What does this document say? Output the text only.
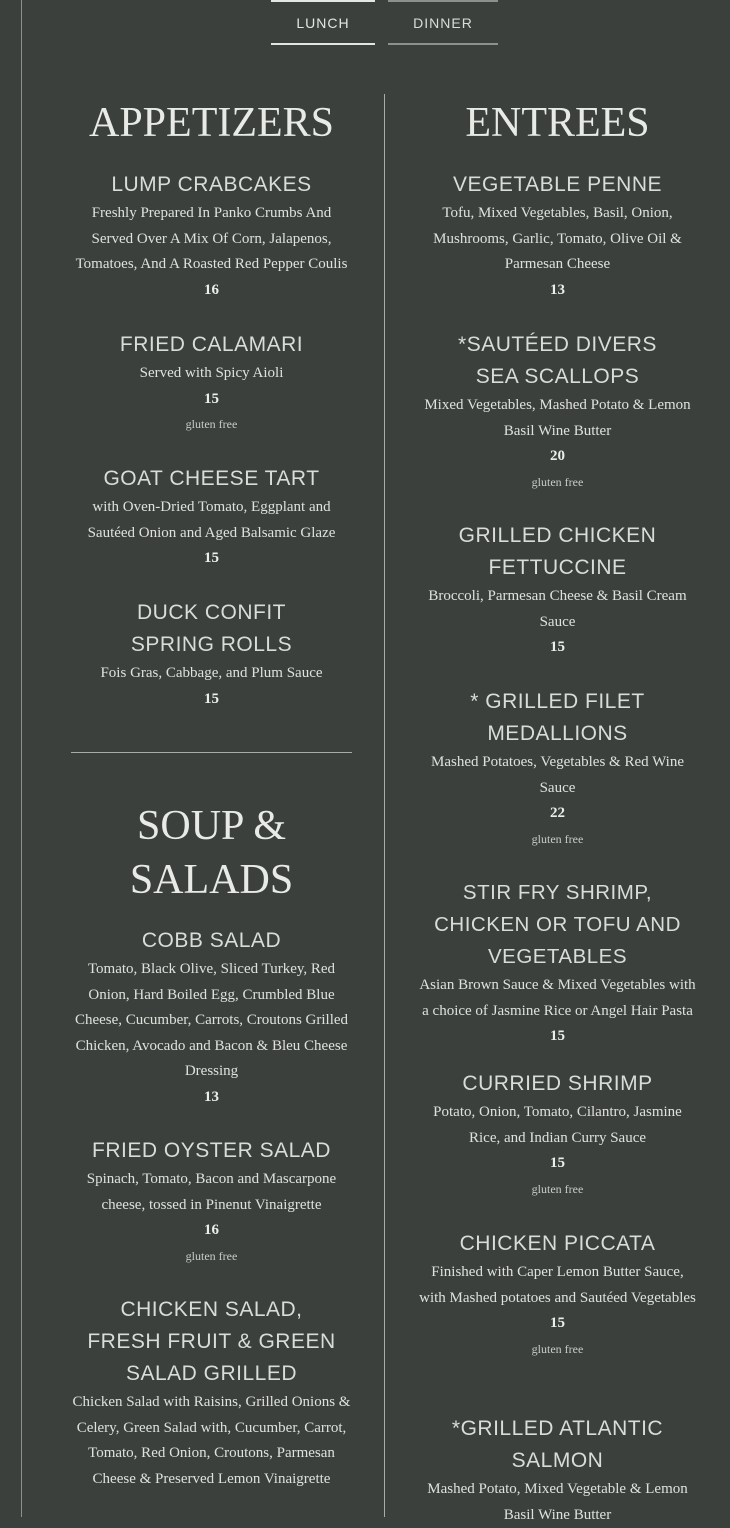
LUNCH	DINNER
APPETIZERS

LUMP CRABCAKES

Freshly Prepared In Panko Crumbs And Served Over A Mix Of Corn, Jalapenos, Tomatoes, And A Roasted Red Pepper Coulis

16

FRIED CALAMARI

Served with Spicy Aioli

15

gluten free

GOAT CHEESE TART

with Oven-Dried Tomato, Eggplant and Sautéed Onion and Aged Balsamic Glaze

15

DUCK CONFIT SPRING ROLLS

Fois Gras, Cabbage, and Plum Sauce

15

SOUP & SALADS

COBB SALAD

Tomato, Black Olive, Sliced Turkey, Red Onion, Hard Boiled Egg, Crumbled Blue Cheese, Cucumber, Carrots, Croutons Grilled Chicken, Avocado and Bacon & Bleu Cheese Dressing

13

FRIED OYSTER SALAD

Spinach, Tomato, Bacon and Mascarpone cheese, tossed in Pinenut Vinaigrette

16

gluten free

CHICKEN SALAD, FRESH FRUIT & GREEN SALAD GRILLED

Chicken Salad with Raisins, Grilled Onions & Celery, Green Salad with, Cucumber, Carrot, Tomato, Red Onion, Croutons, Parmesan Cheese & Preserved Lemon Vinaigrette

ENTREES

VEGETABLE PENNE

Tofu, Mixed Vegetables, Basil, Onion, Mushrooms, Garlic, Tomato, Olive Oil & Parmesan Cheese

13

*SAUTÉED DIVERS SEA SCALLOPS

Mixed Vegetables, Mashed Potato & Lemon Basil Wine Butter

20

gluten free

GRILLED CHICKEN FETTUCCINE

Broccoli, Parmesan Cheese & Basil Cream Sauce

15

* GRILLED FILET MEDALLIONS

Mashed Potatoes, Vegetables & Red Wine Sauce

22

gluten free

STIR FRY SHRIMP, CHICKEN OR TOFU AND VEGETABLES

Asian Brown Sauce & Mixed Vegetables with a choice of Jasmine Rice or Angel Hair Pasta

15

CURRIED SHRIMP

Potato, Onion, Tomato, Cilantro, Jasmine Rice, and Indian Curry Sauce

15

gluten free

CHICKEN PICCATA

Finished with Caper Lemon Butter Sauce, with Mashed potatoes and Sautéed Vegetables

15

gluten free

*GRILLED ATLANTIC SALMON

Mashed Potato, Mixed Vegetable & Lemon Basil Wine Butter
